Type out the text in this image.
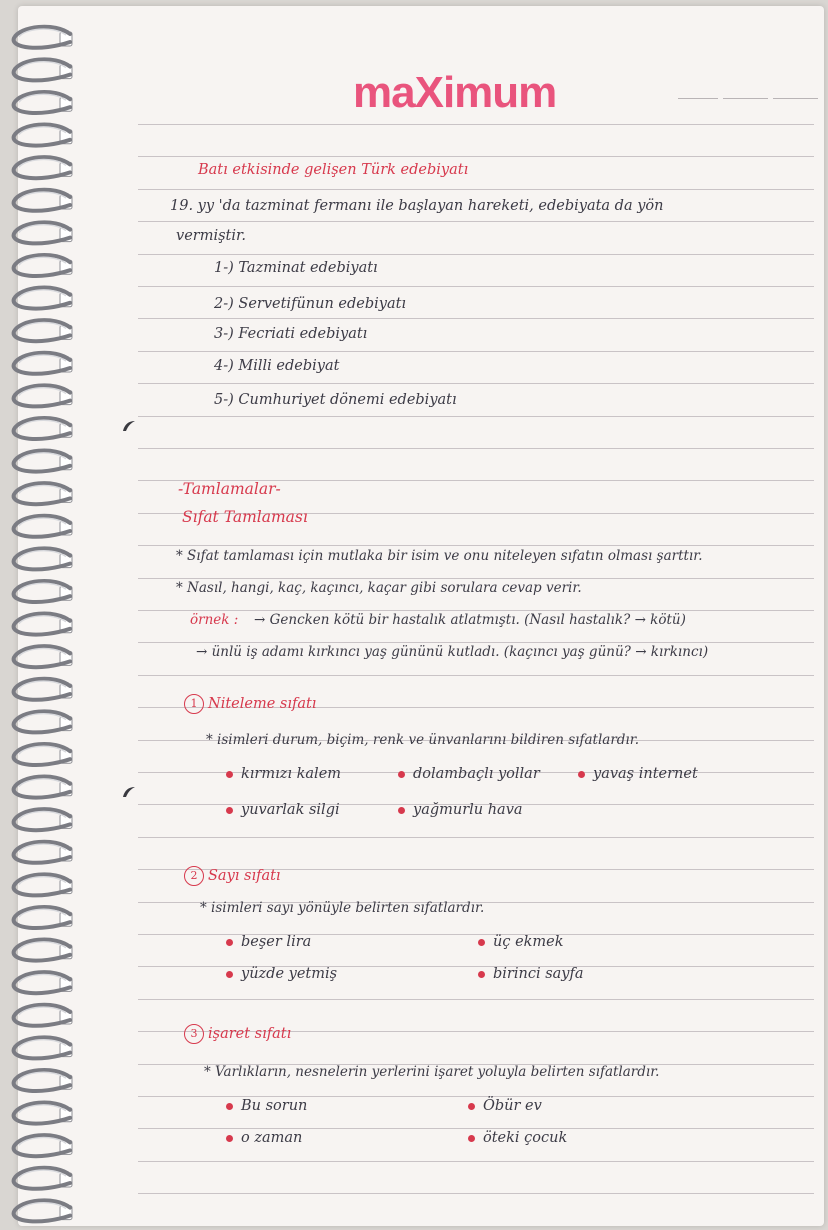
maXimum
Batı etkisinde gelişen Türk edebiyatı
19. yy 'da tazminat fermanı ile başlayan hareketi, edebiyata da yön
vermiştir.
1-) Tazminat edebiyatı
2-) Servetifünun edebiyatı
3-) Fecriati edebiyatı
4-) Milli edebiyat
5-) Cumhuriyet dönemi edebiyatı
-Tamlamalar-
Sıfat Tamlaması
* Sıfat tamlaması için mutlaka bir isim ve onu niteleyen sıfatın olması şarttır.
* Nasıl, hangi, kaç, kaçıncı, kaçar gibi sorulara cevap verir.
örnek : → Gencken kötü bir hastalık atlatmıştı. (Nasıl hastalık? → kötü)
→ ünlü iş adamı kırkıncı yaş gününü kutladı. (kaçıncı yaş günü? → kırkıncı)
1 Niteleme sıfatı
* isimleri durum, biçim, renk ve ünvanlarını bildiren sıfatlardır.
kırmızı kalem	dolambaçlı yollar	yavaş internet
yuvarlak silgi	yağmurlu hava
2 Sayı sıfatı
* isimleri sayı yönüyle belirten sıfatlardır.
beşer lira	üç ekmek
yüzde yetmiş	birinci sayfa
3 işaret sıfatı
* Varlıkların, nesnelerin yerlerini işaret yoluyla belirten sıfatlardır.
Bu sorun	Öbür ev
o zaman	öteki çocuk
